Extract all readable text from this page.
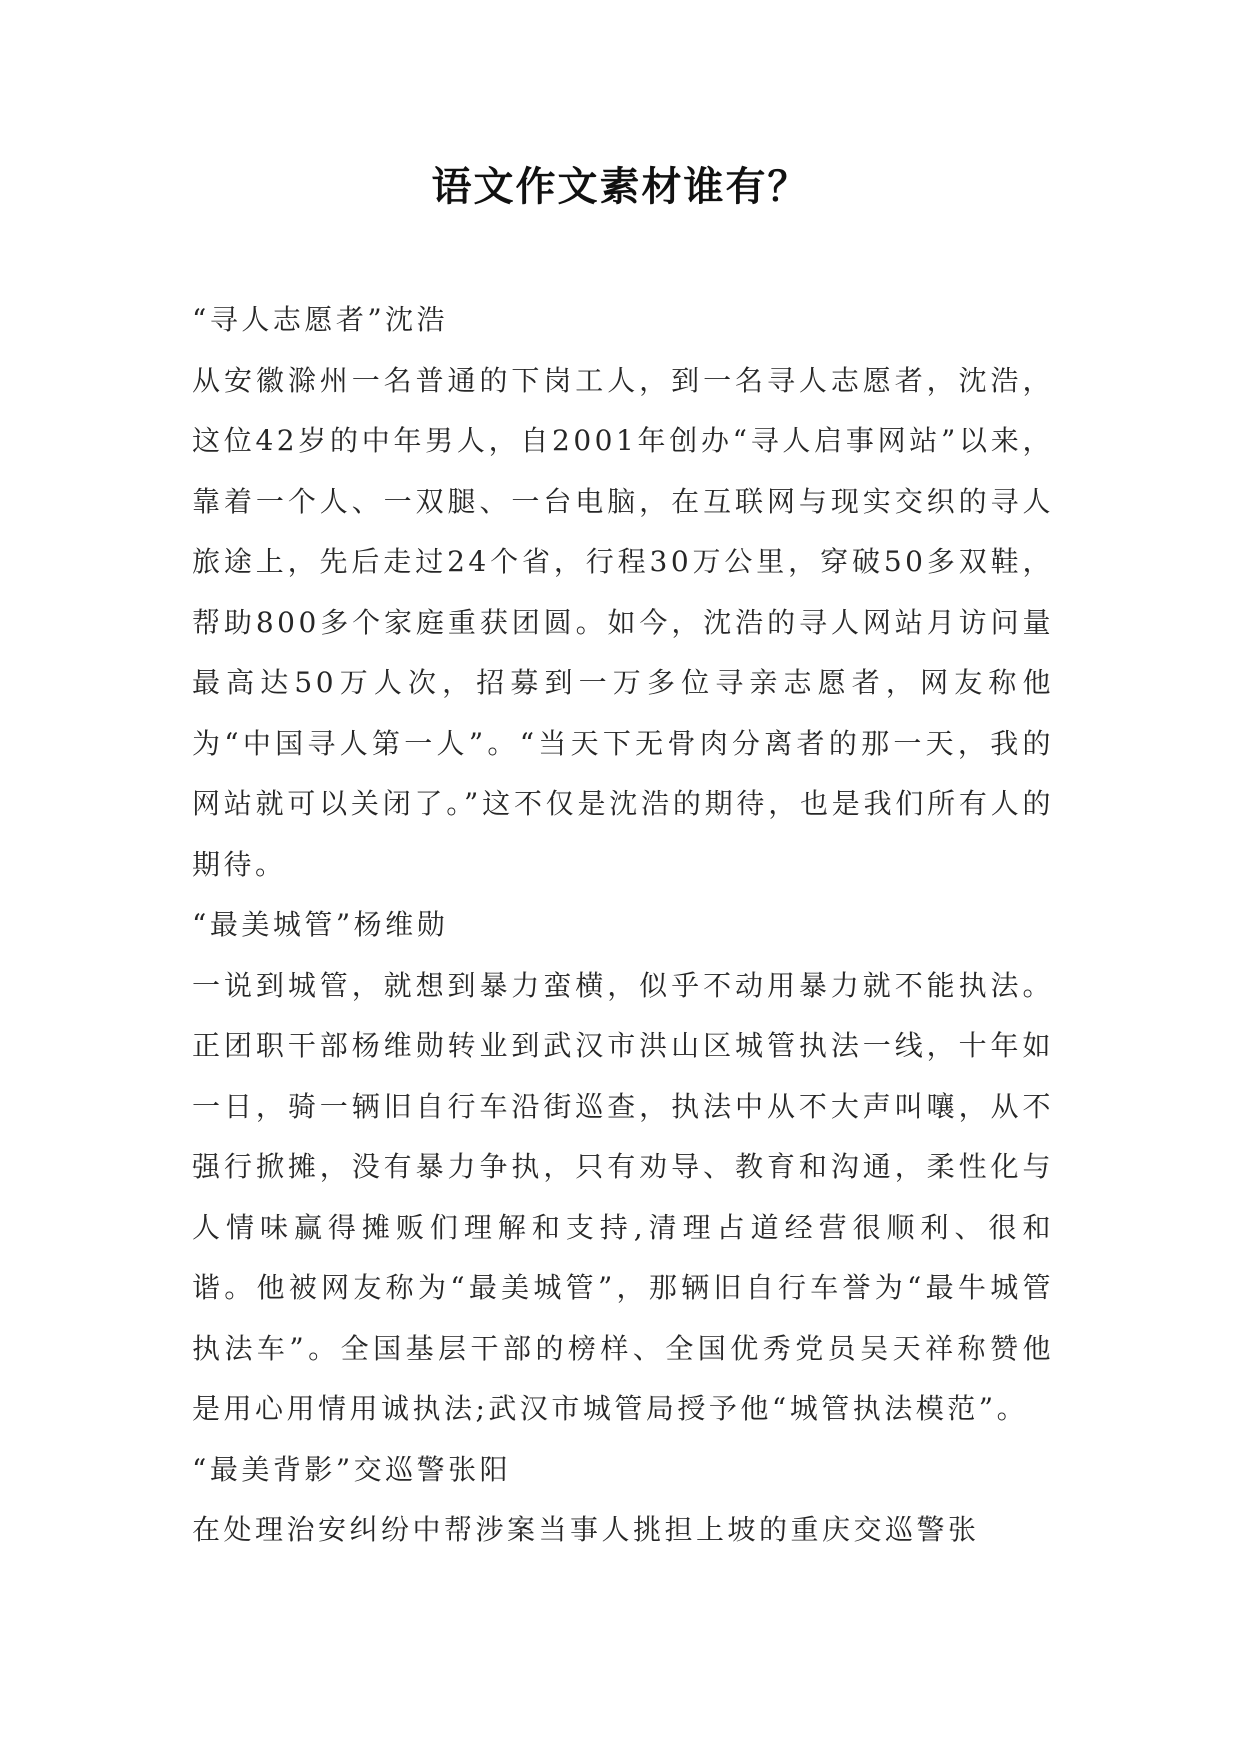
语文作文素材谁有？
“寻人志愿者”沈浩

从安徽滁州一名普通的下岗工人，到一名寻人志愿者，沈浩，这位42岁的中年男人，自2001年创办“寻人启事网站”以来，靠着一个人、一双腿、一台电脑，在互联网与现实交织的寻人旅途上，先后走过24个省，行程30万公里，穿破50多双鞋，帮助800多个家庭重获团圆。如今，沈浩的寻人网站月访问量最高达50万人次，招募到一万多位寻亲志愿者，网友称他为“中国寻人第一人”。“当天下无骨肉分离者的那一天，我的网站就可以关闭了。”这不仅是沈浩的期待，也是我们所有人的期待。

“最美城管”杨维勋

一说到城管，就想到暴力蛮横，似乎不动用暴力就不能执法。正团职干部杨维勋转业到武汉市洪山区城管执法一线，十年如一日，骑一辆旧自行车沿街巡查，执法中从不大声叫嚷，从不强行掀摊，没有暴力争执，只有劝导、教育和沟通，柔性化与人情味赢得摊贩们理解和支持,清理占道经营很顺利、很和谐。他被网友称为“最美城管”，那辆旧自行车誉为“最牛城管执法车”。全国基层干部的榜样、全国优秀党员吴天祥称赞他是用心用情用诚执法;武汉市城管局授予他“城管执法模范”。

“最美背影”交巡警张阳

在处理治安纠纷中帮涉案当事人挑担上坡的重庆交巡警张
